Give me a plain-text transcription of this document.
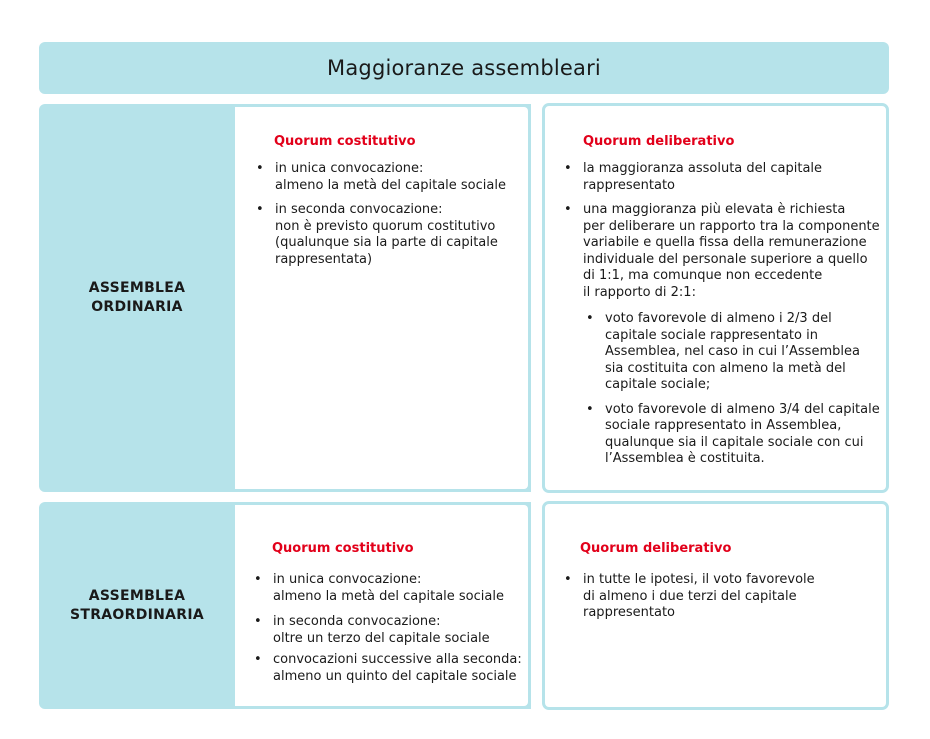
Maggioranze assembleari
ASSEMBLEA
ORDINARIA
Quorum costitutivo
• in unica convocazione:
almeno la metà del capitale sociale
• in seconda convocazione:
non è previsto quorum costitutivo
(qualunque sia la parte di capitale
rappresentata)
Quorum deliberativo
• la maggioranza assoluta del capitale
rappresentato
• una maggioranza più elevata è richiesta
per deliberare un rapporto tra la componente
variabile e quella fissa della remunerazione
individuale del personale superiore a quello
di 1:1, ma comunque non eccedente
il rapporto di 2:1:
• voto favorevole di almeno i 2/3 del
capitale sociale rappresentato in
Assemblea, nel caso in cui l’Assemblea
sia costituita con almeno la metà del
capitale sociale;
• voto favorevole di almeno 3/4 del capitale
sociale rappresentato in Assemblea,
qualunque sia il capitale sociale con cui
l’Assemblea è costituita.
ASSEMBLEA
STRAORDINARIA
Quorum costitutivo
• in unica convocazione:
almeno la metà del capitale sociale
• in seconda convocazione:
oltre un terzo del capitale sociale
• convocazioni successive alla seconda:
almeno un quinto del capitale sociale
Quorum deliberativo
• in tutte le ipotesi, il voto favorevole
di almeno i due terzi del capitale
rappresentato
